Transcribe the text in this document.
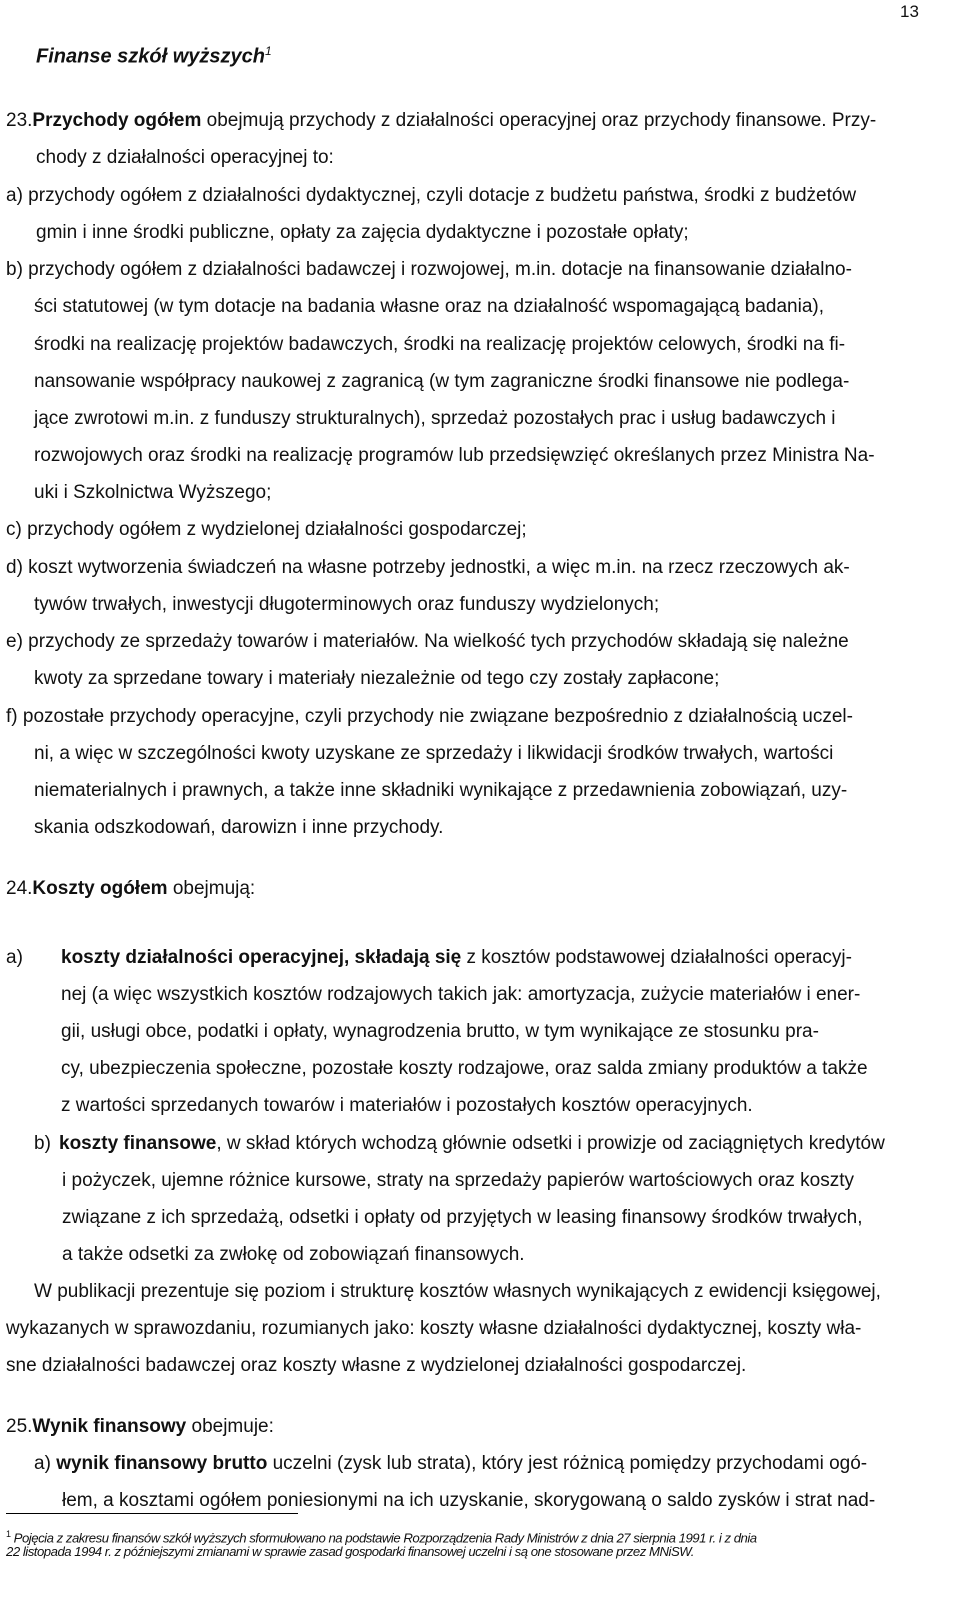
13
Finanse szkół wyższych$^1$
23.Przychody ogółem obejmują przychody z działalności operacyjnej oraz przychody finansowe. Przy-
chody z działalności operacyjnej to:
a) przychody ogółem z działalności dydaktycznej, czyli dotacje z budżetu państwa, środki z budżetów
gmin i inne środki publiczne, opłaty za zajęcia dydaktyczne i pozostałe opłaty;
b) przychody ogółem z działalności badawczej i rozwojowej, m.in. dotacje na finansowanie działalno-
ści statutowej (w tym dotacje na badania własne oraz na działalność wspomagającą badania),
środki na realizację projektów badawczych, środki na realizację projektów celowych, środki na fi-
nansowanie współpracy naukowej z zagranicą (w tym zagraniczne środki finansowe nie podlega-
jące zwrotowi m.in. z funduszy strukturalnych), sprzedaż pozostałych prac i usług badawczych i
rozwojowych oraz środki na realizację programów lub przedsięwzięć określanych przez Ministra Na-
uki i Szkolnictwa Wyższego;
c) przychody ogółem z wydzielonej działalności gospodarczej;
d) koszt wytworzenia świadczeń na własne potrzeby jednostki, a więc m.in. na rzecz rzeczowych ak-
tywów trwałych, inwestycji długoterminowych oraz funduszy wydzielonych;
e) przychody ze sprzedaży towarów i materiałów. Na wielkość tych przychodów składają się należne
kwoty za sprzedane towary i materiały niezależnie od tego czy zostały zapłacone;
f) pozostałe przychody operacyjne, czyli przychody nie związane bezpośrednio z działalnością uczel-
ni, a więc w szczególności kwoty uzyskane ze sprzedaży i likwidacji środków trwałych, wartości
niematerialnych i prawnych, a także inne składniki wynikające z przedawnienia zobowiązań, uzy-
skania odszkodowań, darowizn i inne przychody.
24.Koszty ogółem obejmują:
a) koszty działalności operacyjnej, składają się z kosztów podstawowej działalności operacyj-
nej (a więc wszystkich kosztów rodzajowych takich jak: amortyzacja, zużycie materiałów i ener-
gii, usługi obce, podatki i opłaty, wynagrodzenia brutto, w tym wynikające ze stosunku pra-
cy, ubezpieczenia społeczne, pozostałe koszty rodzajowe, oraz salda zmiany produktów a także
z wartości sprzedanych towarów i materiałów i pozostałych kosztów operacyjnych.
b) koszty finansowe, w skład których wchodzą głównie odsetki i prowizje od zaciągniętych kredytów
i pożyczek, ujemne różnice kursowe, straty na sprzedaży papierów wartościowych oraz koszty
związane z ich sprzedażą, odsetki i opłaty od przyjętych w leasing finansowy środków trwałych,
a także odsetki za zwłokę od zobowiązań finansowych.
W publikacji prezentuje się poziom i strukturę kosztów własnych wynikających z ewidencji księgowej,
wykazanych w sprawozdaniu, rozumianych jako: koszty własne działalności dydaktycznej, koszty wła-
sne działalności badawczej oraz koszty własne z wydzielonej działalności gospodarczej.
25.Wynik finansowy obejmuje:
a) wynik finansowy brutto uczelni (zysk lub strata), który jest różnicą pomiędzy przychodami ogó-
łem, a kosztami ogółem poniesionymi na ich uzyskanie, skorygowaną o saldo zysków i strat nad-
$^1$ Pojęcia z zakresu finansów szkół wyższych sformułowano na podstawie Rozporządzenia Rady Ministrów z dnia 27 sierpnia 1991 r. i z dnia
22 listopada 1994 r. z późniejszymi zmianami w sprawie zasad gospodarki finansowej uczelni i są one stosowane przez MNiSW.
